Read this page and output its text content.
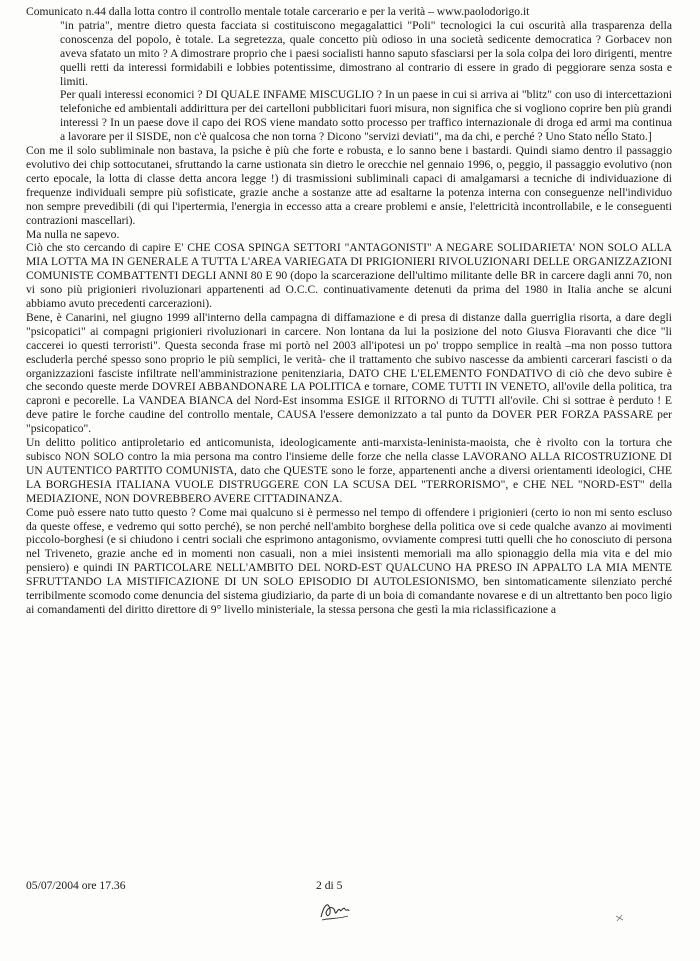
Comunicato n.44 dalla lotta contro il controllo mentale totale carcerario e per la verità – www.paolodorigo.it

"in patria", mentre dietro questa facciata si costituiscono megagalattici "Poli" tecnologici la cui oscurità alla trasparenza della conoscenza del popolo, è totale. La segretezza, quale concetto più odioso in una società sedicente democratica ? Gorbacev non aveva sfatato un mito ? A dimostrare proprio che i paesi socialisti hanno saputo sfasciarsi per la sola colpa dei loro dirigenti, mentre quelli retti da interessi formidabili e lobbies potentissime, dimostrano al contrario di essere in grado di peggiorare senza sosta e limiti.

Per quali interessi economici ? DI QUALE INFAME MISCUGLIO ? In un paese in cui si arriva ai "blitz" con uso di intercettazioni telefoniche ed ambientali addirittura per dei cartelloni pubblicitari fuori misura, non significa che si vogliono coprire ben più grandi interessi ? In un paese dove il capo dei ROS viene mandato sotto processo per traffico internazionale di droga ed armi ma continua a lavorare per il SISDE, non c'è qualcosa che non torna ? Dicono "servizi deviati", ma da chi, e perché ? Uno Stato nello Stato.]

Con me il solo subliminale non bastava, la psiche è più che forte e robusta, e lo sanno bene i bastardi. Quindi siamo dentro il passaggio evolutivo dei chip sottocutanei, sfruttando la carne ustionata sin dietro le orecchie nel gennaio 1996, o, peggio, il passaggio evolutivo (non certo epocale, la lotta di classe detta ancora legge !) di trasmissioni subliminali capaci di amalgamarsi a tecniche di individuazione di frequenze individuali sempre più sofisticate, grazie anche a sostanze atte ad esaltarne la potenza interna con conseguenze nell'individuo non sempre prevedibili (di qui l'ipertermia, l'energia in eccesso atta a creare problemi e ansie, l'elettricità incontrollabile, e le conseguenti contrazioni mascellari).

Ma nulla ne sapevo.

Ciò che sto cercando di capire E' CHE COSA SPINGA SETTORI "ANTAGONISTI" A NEGARE SOLIDARIETA' NON SOLO ALLA MIA LOTTA MA IN GENERALE A TUTTA L'AREA VARIEGATA DI PRIGIONIERI RIVOLUZIONARI DELLE ORGANIZZAZIONI COMUNISTE COMBATTENTI DEGLI ANNI 80 E 90 (dopo la scarcerazione dell'ultimo militante delle BR in carcere dagli anni 70, non vi sono più prigionieri rivoluzionari appartenenti ad O.C.C. continuativamente detenuti da prima del 1980 in Italia anche se alcuni abbiamo avuto precedenti carcerazioni).

Bene, è Canarini, nel giugno 1999 all'interno della campagna di diffamazione e di presa di distanze dalla guerriglia risorta, a dare degli "psicopatici" ai compagni prigionieri rivoluzionari in carcere. Non lontana da lui la posizione del noto Giusva Fioravanti che dice "li caccerei io questi terroristi". Questa seconda frase mi portò nel 2003 all'ipotesi un po' troppo semplice in realtà –ma non posso tuttora escluderla perché spesso sono proprio le più semplici, le verità- che il trattamento che subivo nascesse da ambienti carcerari fascisti o da organizzazioni fasciste infiltrate nell'amministrazione penitenziaria, DATO CHE L'ELEMENTO FONDATIVO di ciò che devo subire è che secondo queste merde DOVREI ABBANDONARE LA POLITICA e tornare, COME TUTTI IN VENETO, all'ovile della politica, tra caproni e pecorelle. La VANDEA BIANCA del Nord-Est insomma ESIGE il RITORNO di TUTTI all'ovile. Chi si sottrae è perduto ! E deve patire le forche caudine del controllo mentale, CAUSA l'essere demonizzato a tal punto da DOVER PER FORZA PASSARE per "psicopatico".

Un delitto politico antiproletario ed anticomunista, ideologicamente anti-marxista-leninista-maoista, che è rivolto con la tortura che subisco NON SOLO contro la mia persona ma contro l'insieme delle forze che nella classe LAVORANO ALLA RICOSTRUZIONE DI UN AUTENTICO PARTITO COMUNISTA, dato che QUESTE sono le forze, appartenenti anche a diversi orientamenti ideologici, CHE LA BORGHESIA ITALIANA VUOLE DISTRUGGERE CON LA SCUSA DEL "TERRORISMO", e CHE NEL "NORD-EST" della MEDIAZIONE, NON DOVREBBERO AVERE CITTADINANZA.

Come può essere nato tutto questo ? Come mai qualcuno si è permesso nel tempo di offendere i prigionieri (certo io non mi sento escluso da queste offese, e vedremo qui sotto perché), se non perché nell'ambito borghese della politica ove si cede qualche avanzo ai movimenti piccolo-borghesi (e si chiudono i centri sociali che esprimono antagonismo, ovviamente compresi tutti quelli che ho conosciuto di persona nel Triveneto, grazie anche ed in momenti non casuali, non a miei insistenti memoriali ma allo spionaggio della mia vita e del mio pensiero) e quindi IN PARTICOLARE NELL'AMBITO DEL NORD-EST QUALCUNO HA PRESO IN APPALTO LA MIA MENTE SFRUTTANDO LA MISTIFICAZIONE DI UN SOLO EPISODIO DI AUTOLESIONISMO, ben sintomaticamente silenziato perché terribilmente scomodo come denuncia del sistema giudiziario, da parte di un boia di comandante novarese e di un altrettanto ben poco ligio ai comandamenti del diritto direttore di 9° livello ministeriale, la stessa persona che gestì la mia riclassificazione a

05/07/2004 ore 17.36	2 di 5
